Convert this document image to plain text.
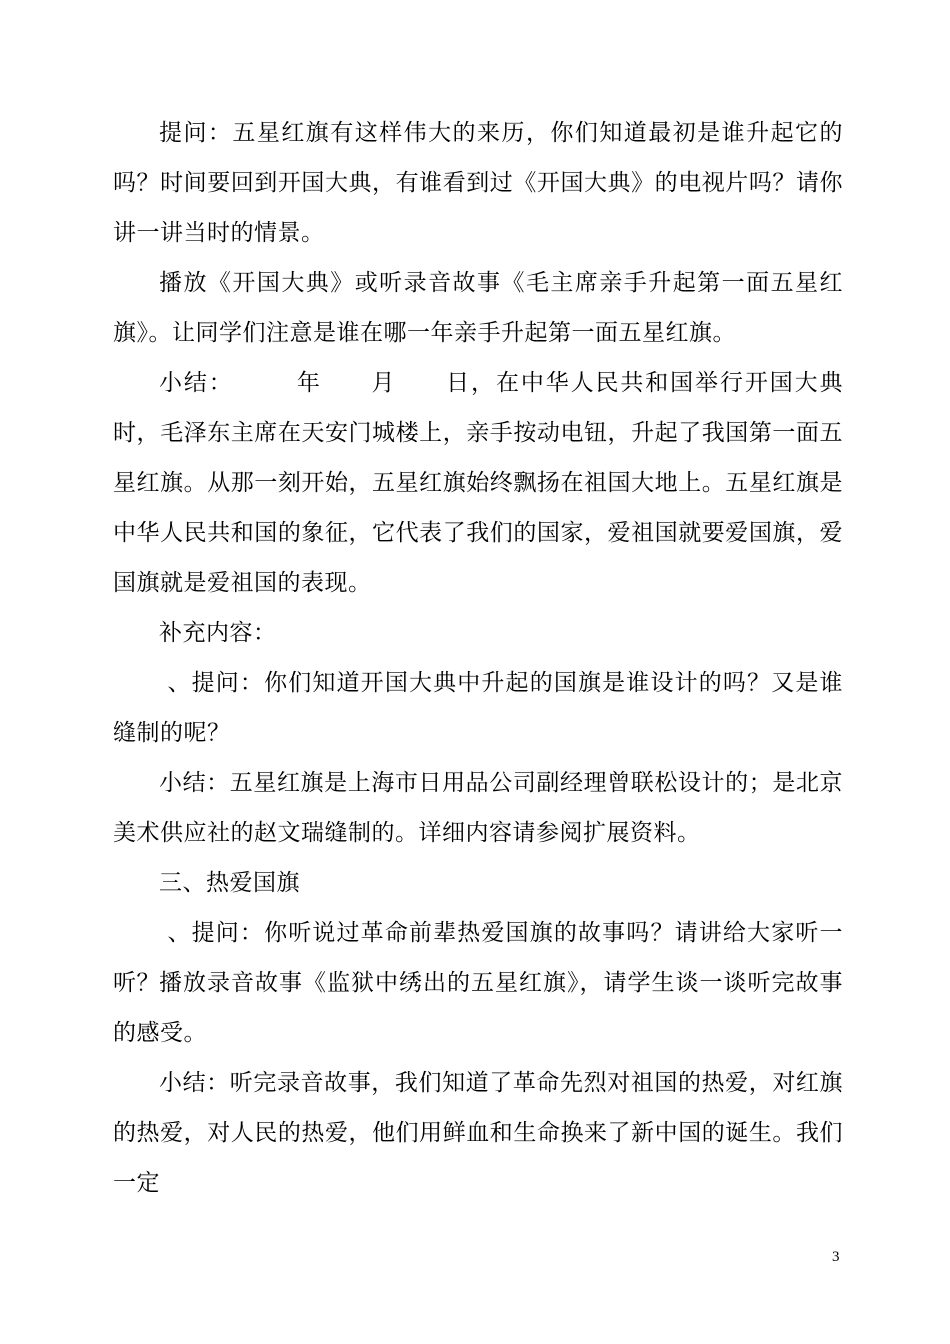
提问：五星红旗有这样伟大的来历，你们知道最初是谁升起它的吗？时间要回到开国大典，有谁看到过《开国大典》的电视片吗？请你讲一讲当时的情景。

播放《开国大典》或听录音故事《毛主席亲手升起第一面五星红旗》。让同学们注意是谁在哪一年亲手升起第一面五星红旗。

小结：　　　年　　月　　日，在中华人民共和国举行开国大典时，毛泽东主席在天安门城楼上，亲手按动电钮，升起了我国第一面五星红旗。从那一刻开始，五星红旗始终飘扬在祖国大地上。五星红旗是中华人民共和国的象征，它代表了我们的国家，爱祖国就要爱国旗，爱国旗就是爱祖国的表现。

补充内容：

、提问：你们知道开国大典中升起的国旗是谁设计的吗？又是谁缝制的呢？

小结：五星红旗是上海市日用品公司副经理曾联松设计的；是北京美术供应社的赵文瑞缝制的。详细内容请参阅扩展资料。

三、热爱国旗

、提问：你听说过革命前辈热爱国旗的故事吗？请讲给大家听一听？ 播放录音故事《监狱中绣出的五星红旗》，请学生谈一谈听完故事的感受。

小结：听完录音故事，我们知道了革命先烈对祖国的热爱，对红旗的热爱，对人民的热爱，他们用鲜血和生命换来了新中国的诞生。我们一定

3
